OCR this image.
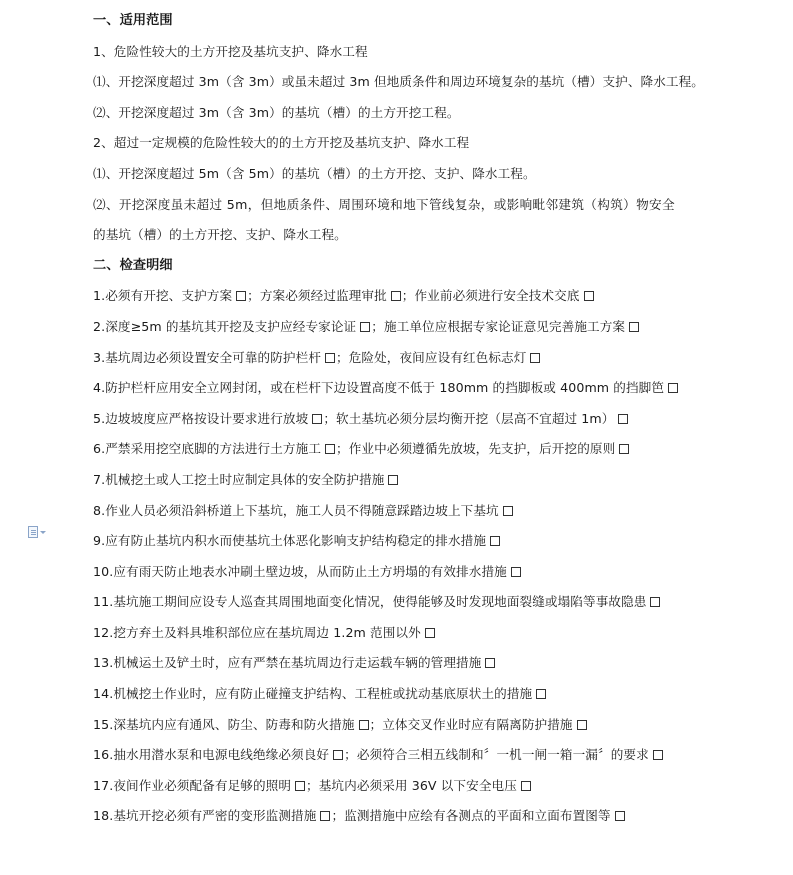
一、适用范围
1、危险性较大的土方开挖及基坑支护、降水工程
⑴、开挖深度超过 3m（含 3m）或虽未超过 3m 但地质条件和周边环境复杂的基坑（槽）支护、降水工程。
⑵、开挖深度超过 3m（含 3m）的基坑（槽）的土方开挖工程。
2、超过一定规模的危险性较大的的土方开挖及基坑支护、降水工程
⑴、开挖深度超过 5m（含 5m）的基坑（槽）的土方开挖、支护、降水工程。
⑵、开挖深度虽未超过 5m，但地质条件、周围环境和地下管线复杂，或影响毗邻建筑（构筑）物安全
的基坑（槽）的土方开挖、支护、降水工程。
二、检查明细
1.必须有开挖、支护方案 ；方案必须经过监理审批 ；作业前必须进行安全技术交底
2.深度≥5m 的基坑其开挖及支护应经专家论证 ；施工单位应根据专家论证意见完善施工方案
3.基坑周边必须设置安全可靠的防护栏杆 ；危险处，夜间应设有红色标志灯
4.防护栏杆应用安全立网封闭，或在栏杆下边设置高度不低于 180mm 的挡脚板或 400mm 的挡脚笆
5.边坡坡度应严格按设计要求进行放坡 ；软土基坑必须分层均衡开挖（层高不宜超过 1m）
6.严禁采用挖空底脚的方法进行土方施工 ；作业中必须遵循先放坡，先支护，后开挖的原则
7.机械挖土或人工挖土时应制定具体的安全防护措施
8.作业人员必须沿斜桥道上下基坑，施工人员不得随意踩踏边坡上下基坑
9.应有防止基坑内积水而使基坑土体恶化影响支护结构稳定的排水措施
10.应有雨天防止地表水冲刷土壁边坡，从而防止土方坍塌的有效排水措施
11.基坑施工期间应设专人巡查其周围地面变化情况，使得能够及时发现地面裂缝或塌陷等事故隐患
12.挖方弃土及料具堆积部位应在基坑周边 1.2m 范围以外
13.机械运土及铲土时，应有严禁在基坑周边行走运载车辆的管理措施
14.机械挖土作业时，应有防止碰撞支护结构、工程桩或扰动基底原状土的措施
15.深基坑内应有通风、防尘、防毒和防火措施 ；立体交叉作业时应有隔离防护措施
16.抽水用潜水泵和电源电线绝缘必须良好 ；必须符合三相五线制和〞一机一闸一箱一漏〞的要求
17.夜间作业必须配备有足够的照明 ；基坑内必须采用 36V 以下安全电压
18.基坑开挖必须有严密的变形监测措施 ；监测措施中应绘有各测点的平面和立面布置图等
